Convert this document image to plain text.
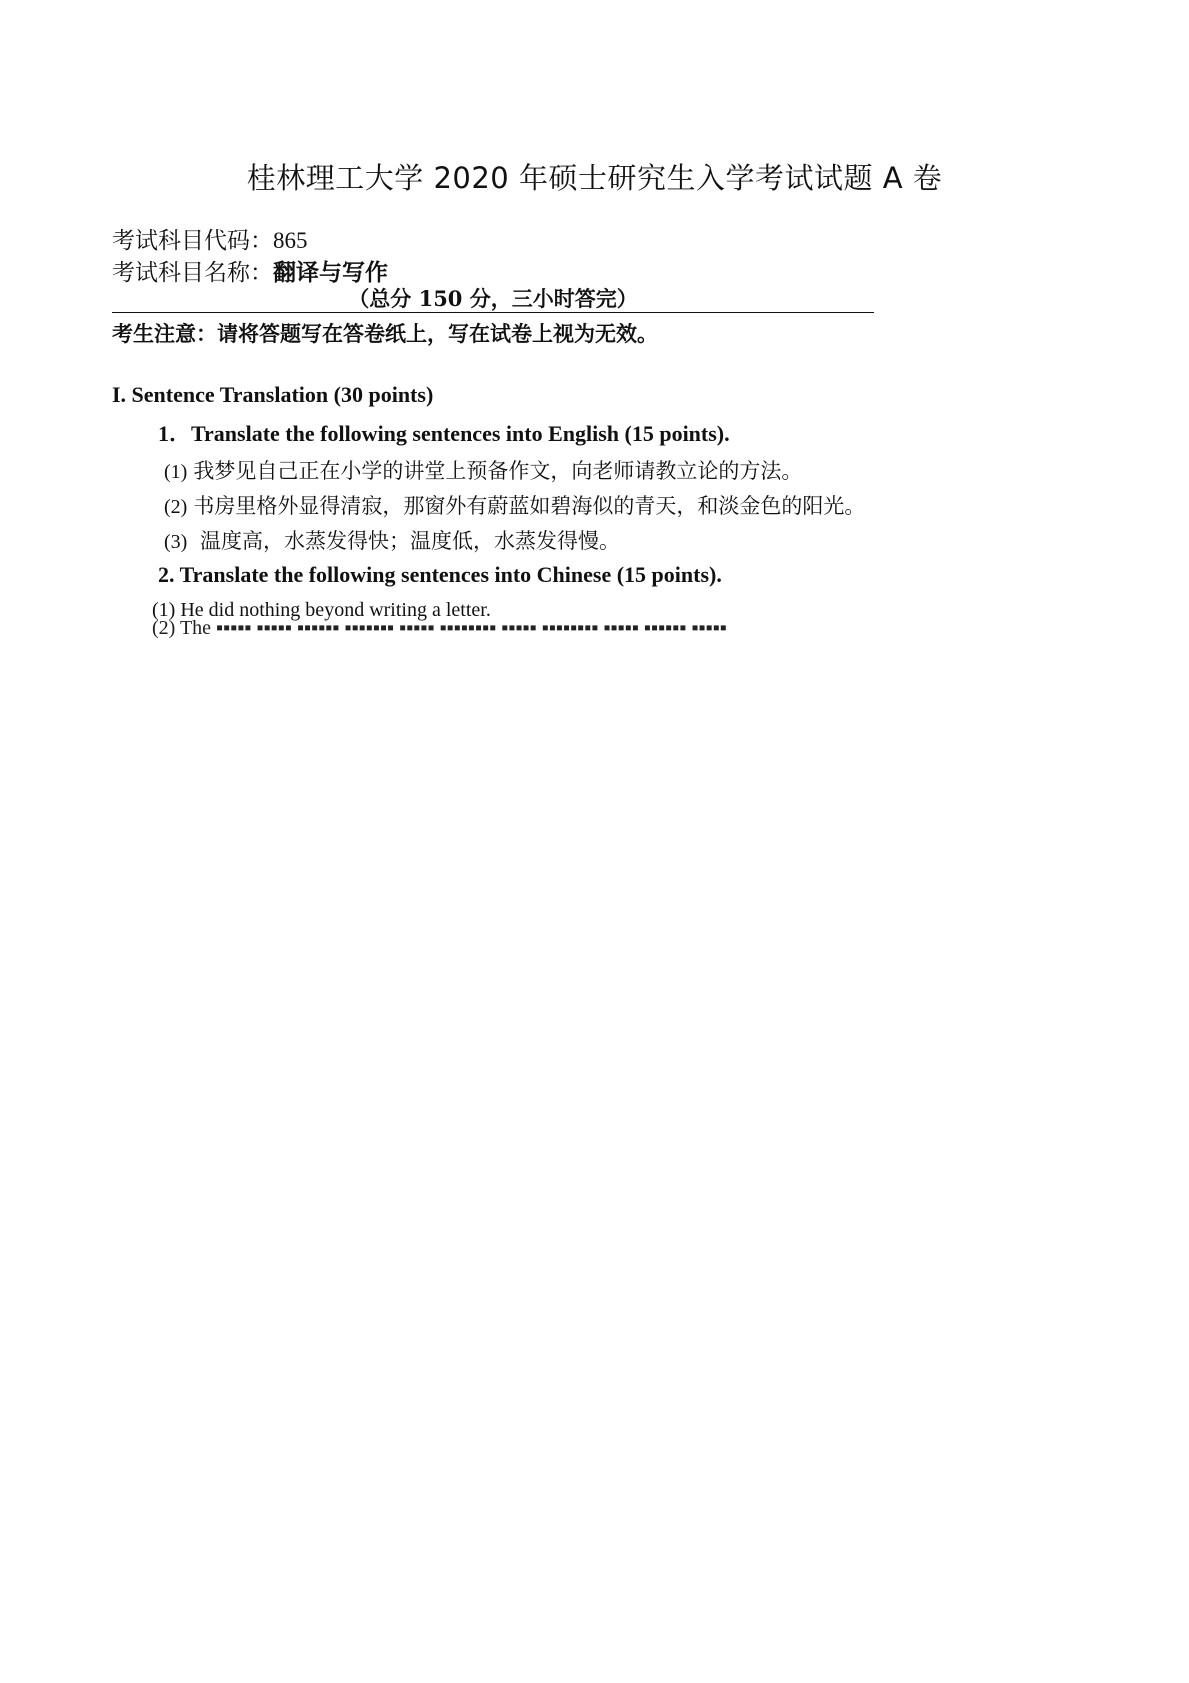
桂林理工大学 2020 年硕士研究生入学考试试题 A 卷
考试科目代码：865
考试科目名称：翻译与写作
（总分 150 分，三小时答完）
考生注意：请将答题写在答卷纸上，写在试卷上视为无效。
I. Sentence Translation (30 points)
1．Translate the following sentences into English (15 points).
(1) 我梦见自己正在小学的讲堂上预备作文，向老师请教立论的方法。
(2) 书房里格外显得清寂，那窗外有蔚蓝如碧海似的青天，和淡金色的阳光。
(3) 温度高，水蒸发得快；温度低，水蒸发得慢。
2. Translate the following sentences into Chinese (15 points).
(1) He did nothing beyond writing a letter.
(2) The ▪▪▪▪▪ ▪▪▪▪▪ ▪▪▪▪▪▪ ▪▪▪▪▪▪▪ ▪▪▪▪▪ ▪▪▪▪▪▪▪▪ ▪▪▪▪▪ ▪▪▪▪▪▪▪▪ ▪▪▪▪▪ ▪▪▪▪▪▪ ▪▪▪▪▪
